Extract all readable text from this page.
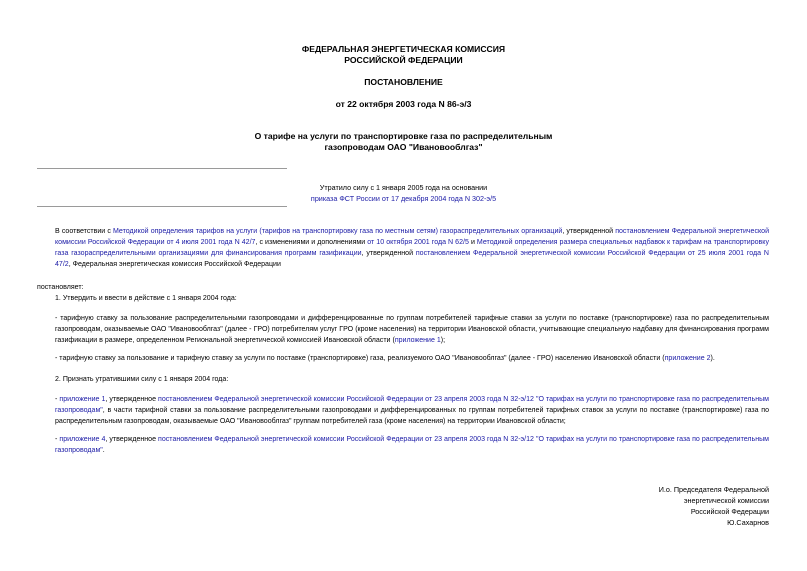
ФЕДЕРАЛЬНАЯ ЭНЕРГЕТИЧЕСКАЯ КОМИССИЯ
РОССИЙСКОЙ ФЕДЕРАЦИИ
ПОСТАНОВЛЕНИЕ
от 22 октября 2003 года N 86-э/3
О тарифе на услуги по транспортировке газа по распределительным
газопроводам ОАО "Ивановооблгаз"
Утратило силу с 1 января 2005 года на основании
приказа ФСТ России от 17 декабря 2004 года N 302-э/5
В соответствии с Методикой определения тарифов на услуги (тарифов на транспортировку газа по местным сетям) газораспределительных организаций, утвержденной постановлением Федеральной энергетической комиссии Российской Федерации от 4 июля 2001 года N 42/7, с изменениями и дополнениями от 10 октября 2001 года N 62/5 и Методикой определения размера специальных надбавок к тарифам на транспортировку газа газораспределительными организациями для финансирования программ газификации, утвержденной постановлением Федеральной энергетической комиссии Российской Федерации от 25 июля 2001 года N 47/2, Федеральная энергетическая комиссия Российской Федерации
постановляет:
1. Утвердить и ввести в действие с 1 января 2004 года:
- тарифную ставку за пользование распределительными газопроводами и дифференцированные по группам потребителей тарифные ставки за услуги по поставке (транспортировке) газа по распределительным газопроводам, оказываемые ОАО "Ивановооблгаз" (далее - ГРО) потребителям услуг ГРО (кроме населения) на территории Ивановской области, учитывающие специальную надбавку для финансирования программ газификации в размере, определенном Региональной энергетической комиссией Ивановской области (приложение 1);
- тарифную ставку за пользование и тарифную ставку за услуги по поставке (транспортировке) газа, реализуемого ОАО "Ивановооблгаз" (далее - ГРО) населению Ивановской области (приложение 2).
2. Признать утратившими силу с 1 января 2004 года:
- приложение 1, утвержденное постановлением Федеральной энергетической комиссии Российской Федерации от 23 апреля 2003 года N 32-э/12 "О тарифах на услуги по транспортировке газа по распределительным газопроводам", в части тарифной ставки за пользование распределительными газопроводами и дифференцированных по группам потребителей тарифных ставок за услуги по поставке (транспортировке) газа по распределительным газопроводам, оказываемые ОАО "Ивановооблгаз" группам потребителей газа (кроме населения) на территории Ивановской области;
- приложение 4, утвержденное постановлением Федеральной энергетической комиссии Российской Федерации от 23 апреля 2003 года N 32-э/12 "О тарифах на услуги по транспортировке газа по распределительным газопроводам".
И.о. Председателя Федеральной
энергетической комиссии
Российской Федерации
Ю.Сахарнов
